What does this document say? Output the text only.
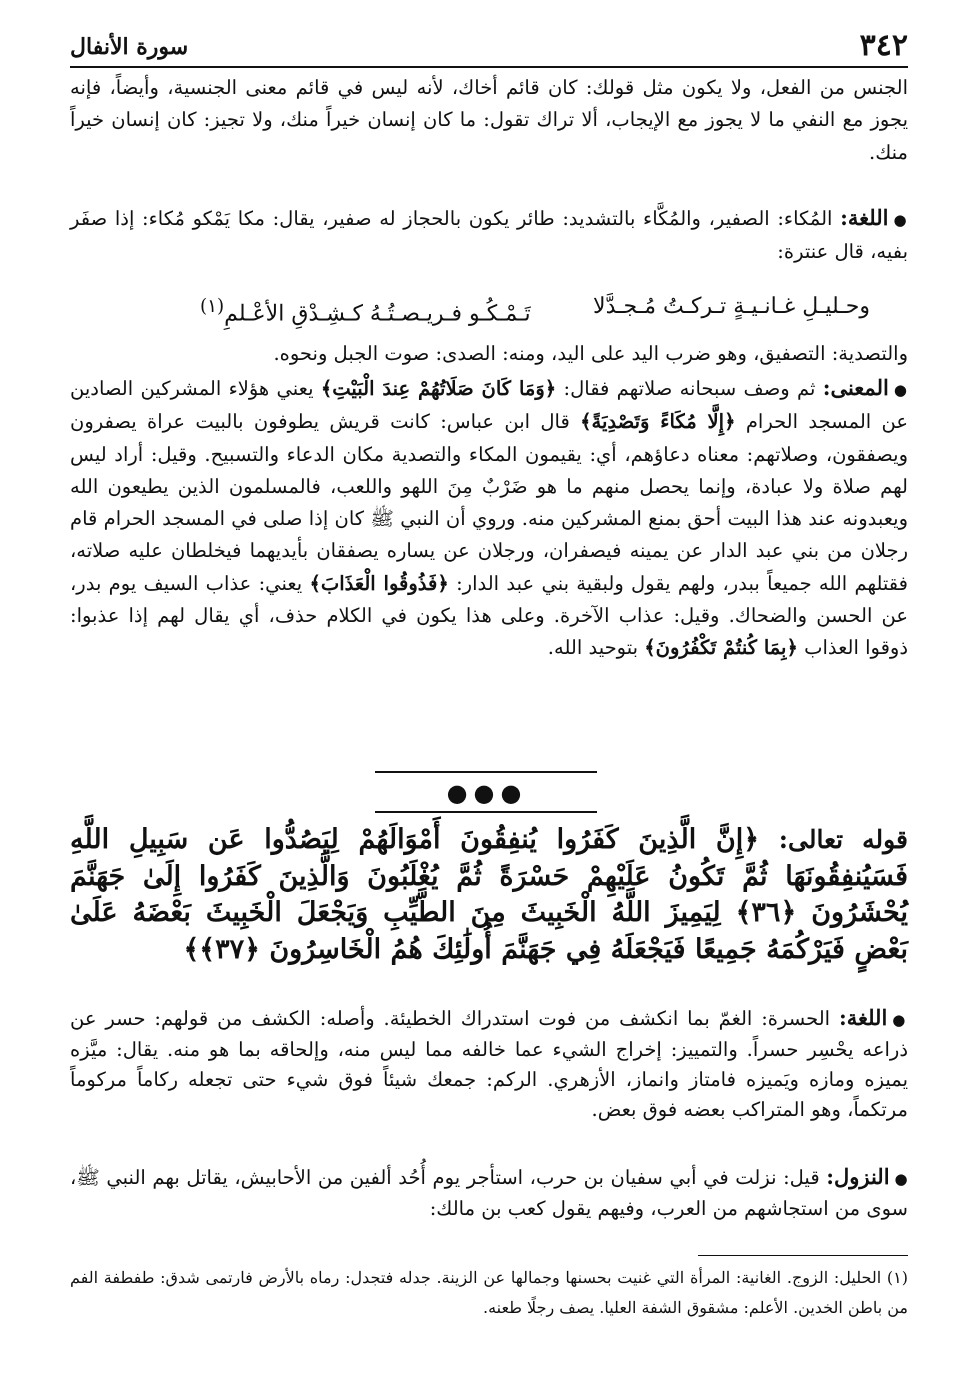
٣٤٢
سورة الأنفال

الجنس من الفعل، ولا يكون مثل قولك: كان قائم أخاك، لأنه ليس في قائم معنى الجنسية، وأيضاً، فإنه يجوز مع النفي ما لا يجوز مع الإيجاب، ألا تراك تقول: ما كان إنسان خيراً منك، ولا تجيز: كان إنسان خيراً منك.

●اللغة: المُكاء: الصفير، والمُكَّاء بالتشديد: طائر يكون بالحجاز له صفير، يقال: مكا يَمْكو مُكاء: إذا صفَر بفيه، قال عنترة:

وحـليـلِ غـانـيـةٍ تـركـتُ مُـجـدَّلا
تَـمْـكُـو فـريـصـتُـهُ كـشِـدْقِ الأعْـلمِ$^{(١)}$

والتصدية: التصفيق، وهو ضرب اليد على اليد، ومنه: الصدى: صوت الجبل ونحوه.

●المعنى: ثم وصف سبحانه صلاتهم فقال: ﴿وَمَا كَانَ صَلَاتُهُمْ عِندَ الْبَيْتِ﴾ يعني هؤلاء المشركين الصادين عن المسجد الحرام ﴿إِلَّا مُكَاءً وَتَصْدِيَةً﴾ قال ابن عباس: كانت قريش يطوفون بالبيت عراة يصفرون ويصفقون، وصلاتهم: معناه دعاؤهم، أي: يقيمون المكاء والتصدية مكان الدعاء والتسبيح. وقيل: أراد ليس لهم صلاة ولا عبادة، وإنما يحصل منهم ما هو ضَرْبٌ مِنَ اللهو واللعب، فالمسلمون الذين يطيعون الله ويعبدونه عند هذا البيت أحق بمنع المشركين منه. وروي أن النبي ﷺ كان إذا صلى في المسجد الحرام قام رجلان من بني عبد الدار عن يمينه فيصفران، ورجلان عن يساره يصفقان بأيديهما فيخلطان عليه صلاته، فقتلهم الله جميعاً ببدر، ولهم يقول ولبقية بني عبد الدار: ﴿فَذُوقُوا الْعَذَابَ﴾ يعني: عذاب السيف يوم بدر، عن الحسن والضحاك. وقيل: عذاب الآخرة. وعلى هذا يكون في الكلام حذف، أي يقال لهم إذا عذبوا: ذوقوا العذاب ﴿بِمَا كُنتُمْ تَكْفُرُونَ﴾ بتوحيد الله.

●●●

قوله تعالى: ﴿إِنَّ الَّذِينَ كَفَرُوا يُنفِقُونَ أَمْوَالَهُمْ لِيَصُدُّوا عَن سَبِيلِ اللَّهِ فَسَيُنفِقُونَهَا ثُمَّ تَكُونُ عَلَيْهِمْ حَسْرَةً ثُمَّ يُغْلَبُونَ وَالَّذِينَ كَفَرُوا إِلَىٰ جَهَنَّمَ يُحْشَرُونَ ﴿٣٦﴾ لِيَمِيزَ اللَّهُ الْخَبِيثَ مِنَ الطَّيِّبِ وَيَجْعَلَ الْخَبِيثَ بَعْضَهُ عَلَىٰ بَعْضٍ فَيَرْكُمَهُ جَمِيعًا فَيَجْعَلَهُ فِي جَهَنَّمَ أُولَٰئِكَ هُمُ الْخَاسِرُونَ ﴿٣٧﴾﴾

●اللغة: الحسرة: الغمّ بما انكشف من فوت استدراك الخطيئة. وأصله: الكشف من قولهم: حسر عن ذراعه يحْسِر حسراً. والتمييز: إخراج الشيء عما خالفه مما ليس منه، وإلحاقه بما هو منه. يقال: ميَّزه يميزه ومازه ويَميزه فامتاز وانماز، الأزهري. الركم: جمعك شيئاً فوق شيء حتى تجعله ركاماً مركوماً مرتكماً، وهو المتراكب بعضه فوق بعض.

●النزول: قيل: نزلت في أبي سفيان بن حرب، استأجر يوم أُحُد ألفين من الأحابيش، يقاتل بهم النبي ﷺ، سوى من استجاشهم من العرب، وفيهم يقول كعب بن مالك:

(١) الحليل: الزوج. الغانية: المرأة التي غنيت بحسنها وجمالها عن الزينة. جدله فتجدل: رماه بالأرض فارتمى شدق: طفطفة الفم من باطن الخدين. الأعلم: مشقوق الشفة العليا. يصف رجلًا طعنه.
